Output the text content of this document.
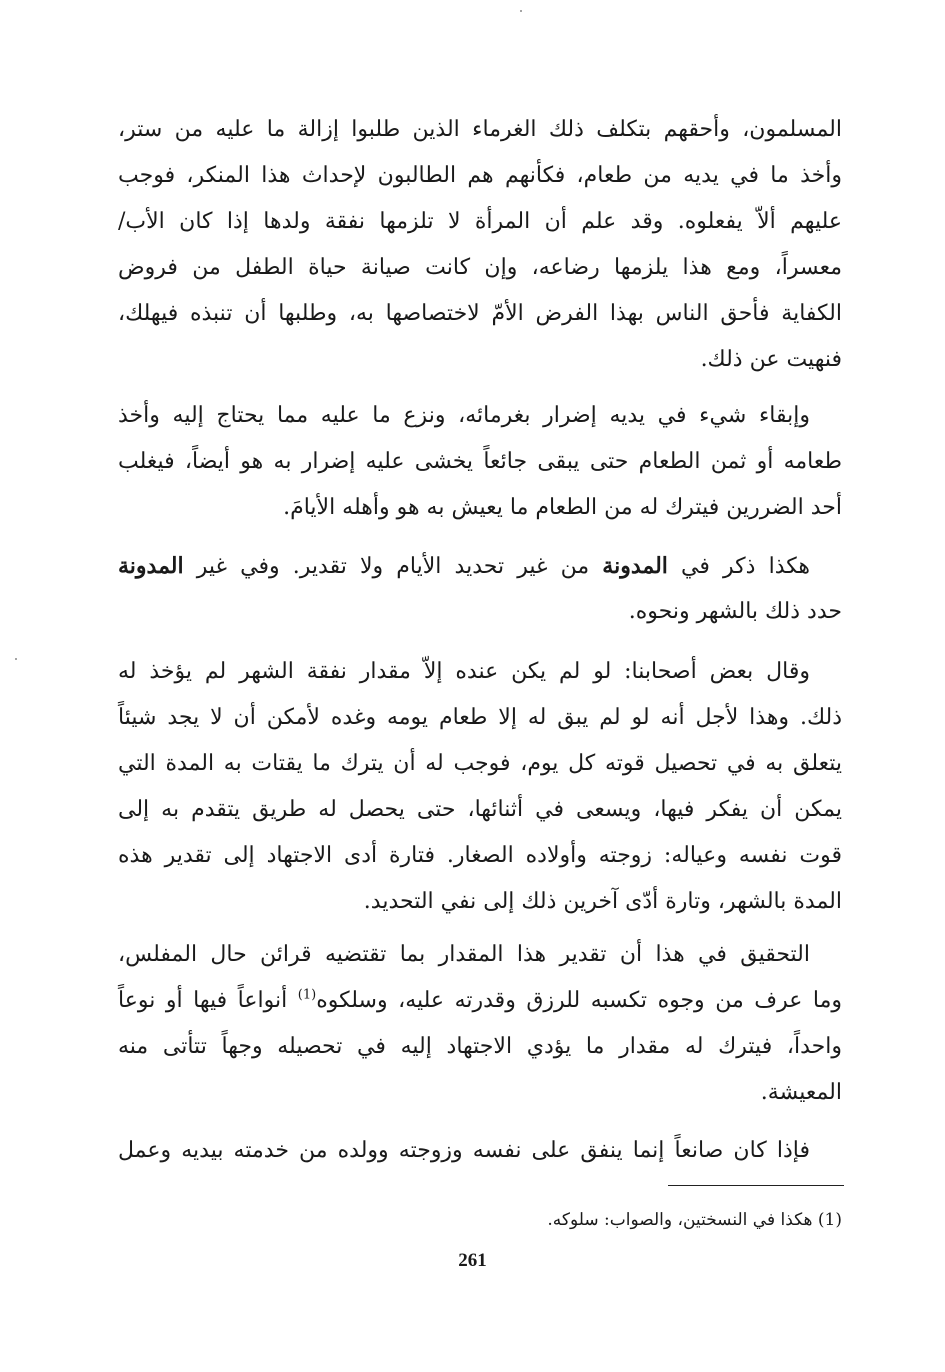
المسلمون، وأحقهم بتكلف ذلك الغرماء الذين طلبوا إزالة ما عليه من ستر،
وأخذ ما في يديه من طعام، فكأنهم هم الطالبون لإحداث هذا المنكر، فوجب
عليهم ألاّ يفعلوه. وقد علم أن المرأة لا تلزمها نفقة ولدها إذا كان الأب/
معسراً، ومع هذا يلزمها رضاعه، وإن كانت صيانة حياة الطفل من فروض
الكفاية فأحق الناس بهذا الفرض الأمّ لاختصاصها به، وطلبها أن تنبذه فيهلك،
فنهيت عن ذلك.
وإبقاء شيء في يديه إضرار بغرمائه، ونزع ما عليه مما يحتاج إليه وأخذ
طعامه أو ثمن الطعام حتى يبقى جائعاً يخشى عليه إضرار به هو أيضاً، فيغلب
أحد الضررين فيترك له من الطعام ما يعيش به هو وأهله الأيامَ.
هكذا ذكر في المدونة من غير تحديد الأيام ولا تقدير. وفي غير المدونة
حدد ذلك بالشهر ونحوه.
وقال بعض أصحابنا: لو لم يكن عنده إلاّ مقدار نفقة الشهر لم يؤخذ له
ذلك. وهذا لأجل أنه لو لم يبق له إلا طعام يومه وغده لأمكن أن لا يجد شيئاً
يتعلق به في تحصيل قوته كل يوم، فوجب له أن يترك ما يقتات به المدة التي
يمكن أن يفكر فيها، ويسعى في أثنائها، حتى يحصل له طريق يتقدم به إلى
قوت نفسه وعياله: زوجته وأولاده الصغار. فتارة أدى الاجتهاد إلى تقدير هذه
المدة بالشهر، وتارة أدّى آخرين ذلك إلى نفي التحديد.
التحقيق في هذا أن تقدير هذا المقدار بما تقتضيه قرائن حال المفلس،
وما عرف من وجوه تكسبه للرزق وقدرته عليه، وسلكوه$^{(1)}$ أنواعاً فيها أو نوعاً
واحداً، فيترك له مقدار ما يؤدي الاجتهاد إليه في تحصيله وجهاً تتأتى منه
المعيشة.
فإذا كان صانعاً إنما ينفق على نفسه وزوجته وولده من خدمته بيديه وعمل
(1) هكذا في النسختين، والصواب: سلوكه.
261
